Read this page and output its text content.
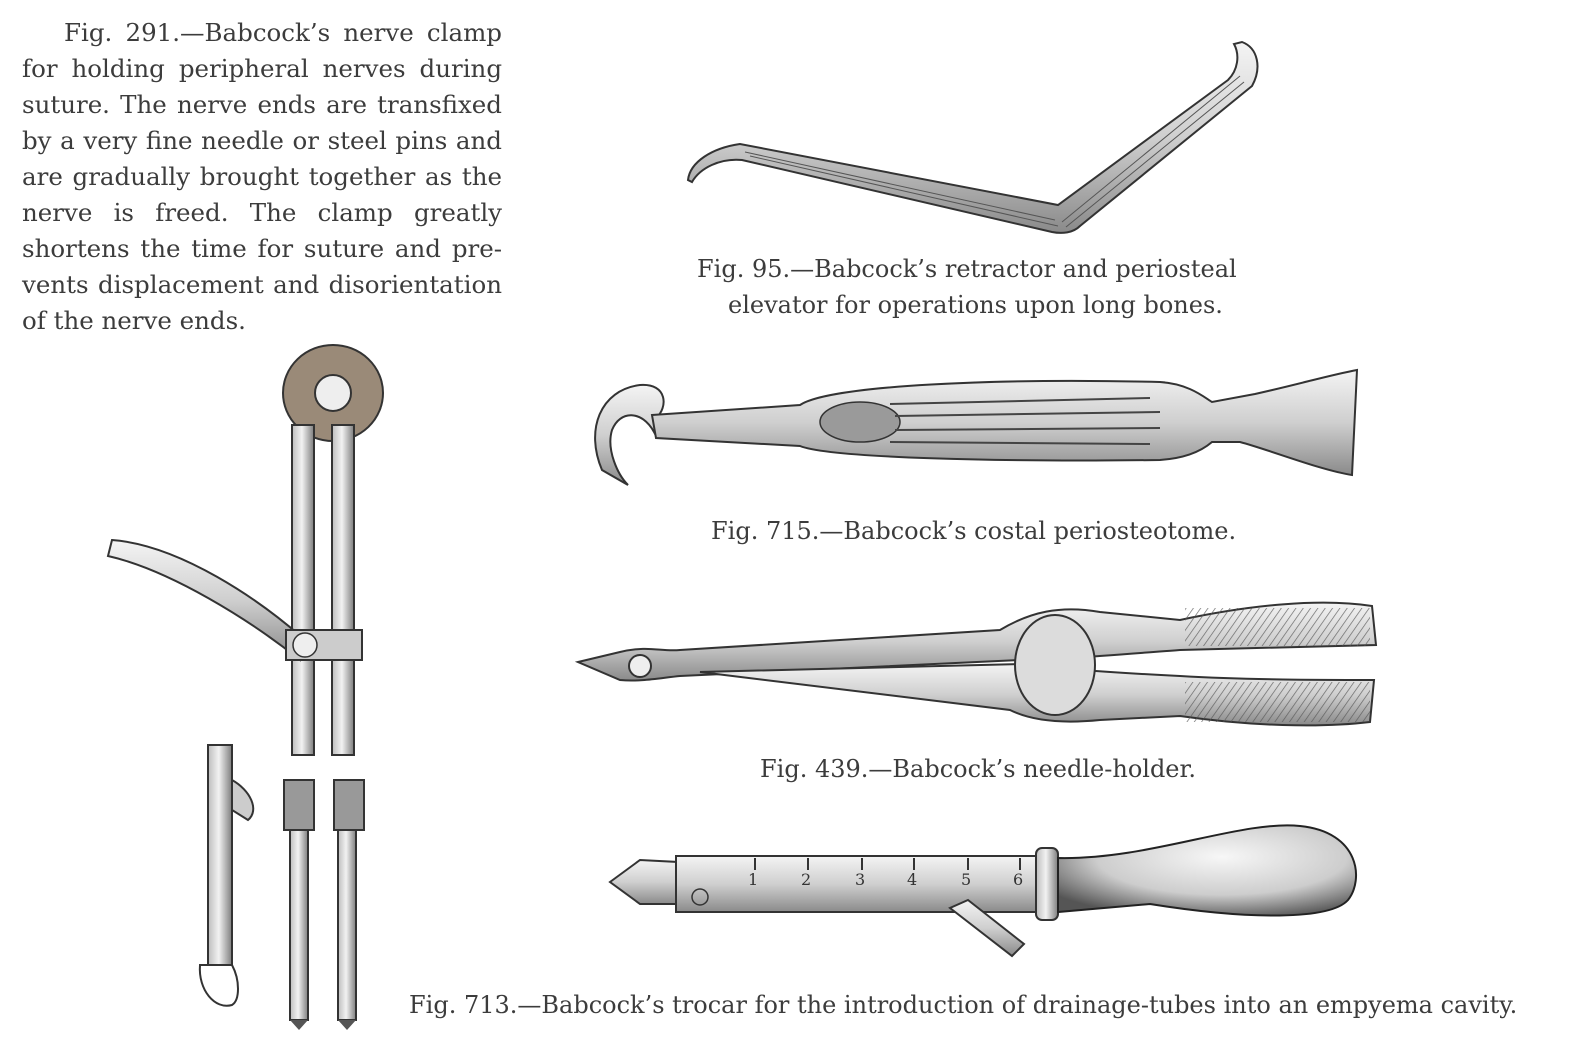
Fig. 291.—Babcock’s nerve clamp
for holding peripheral nerves during
suture. The nerve ends are transfixed
by a very fine needle or steel pins and
are gradually brought together as the
nerve is freed. The clamp greatly
shortens the time for suture and pre-
vents displacement and disorientation
of the nerve ends.
Fig. 95.—Babcock’s retractor and periosteal
elevator for operations upon long bones.
Fig. 715.—Babcock’s costal periosteotome.
Fig. 439.—Babcock’s needle-holder.
Fig. 713.—Babcock’s trocar for the introduction of drainage-tubes into an empyema cavity.
1	2	3	4	5	6
